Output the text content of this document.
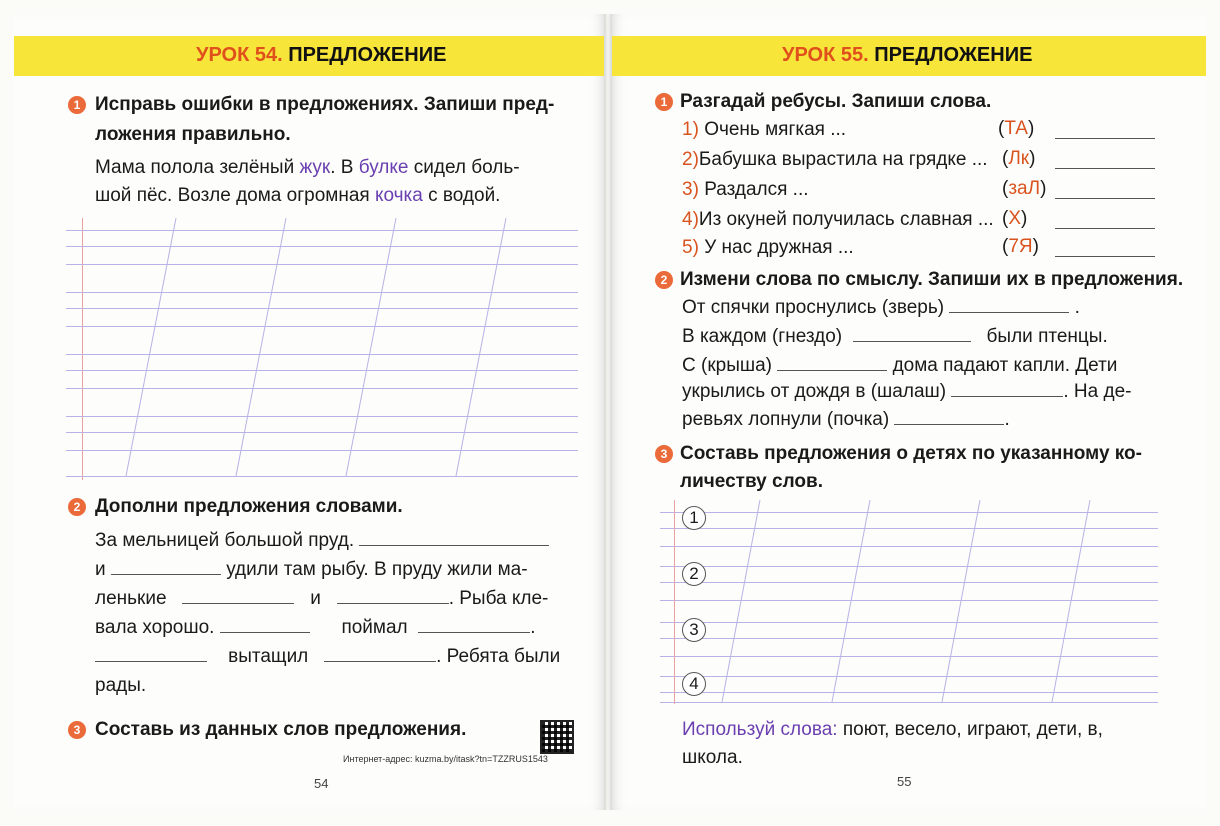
УРОК 54. ПРЕДЛОЖЕНИЕ	УРОК 55. ПРЕДЛОЖЕНИЕ
1 Исправь ошибки в предложениях. Запиши пред-
ложения правильно.
Мама полола зелёный жук. В булке сидел боль-
шой пёс. Возле дома огромная кочка с водой.
2 Дополни предложения словами.
За мельницей большой пруд.
и	удили там рыбу. В пруду жили ма-
ленькие	и	. Рыба кле-
вала хорошо.	поймал	.
вытащил	. Ребята были
рады.
3 Составь из данных слов предложения.
Интернет-адрес: kuzma.by/itask?tn=TZZRUS1543
54
1 Разгадай ребусы. Запиши слова.
1) Очень мягкая ...	(ТА)
2)Бабушка вырастила на грядке ... (Лк)
3) Раздался ...	(заЛ)
4)Из окуней получилась славная ... (Х)
5) У нас дружная ...	(7Я)
2 Измени слова по смыслу. Запиши их в предложения.
От спячки проснулись (зверь)	.
В каждом (гнездо)	были птенцы.
С (крыша)	дома падают капли. Дети
укрылись от дождя в (шалаш)	. На де-
ревьях лопнули (почка)	.
3 Составь предложения о детях по указанному ко-
личеству слов.
1
2
3
4
Используй слова: поют, весело, играют, дети, в,
школа.
55
